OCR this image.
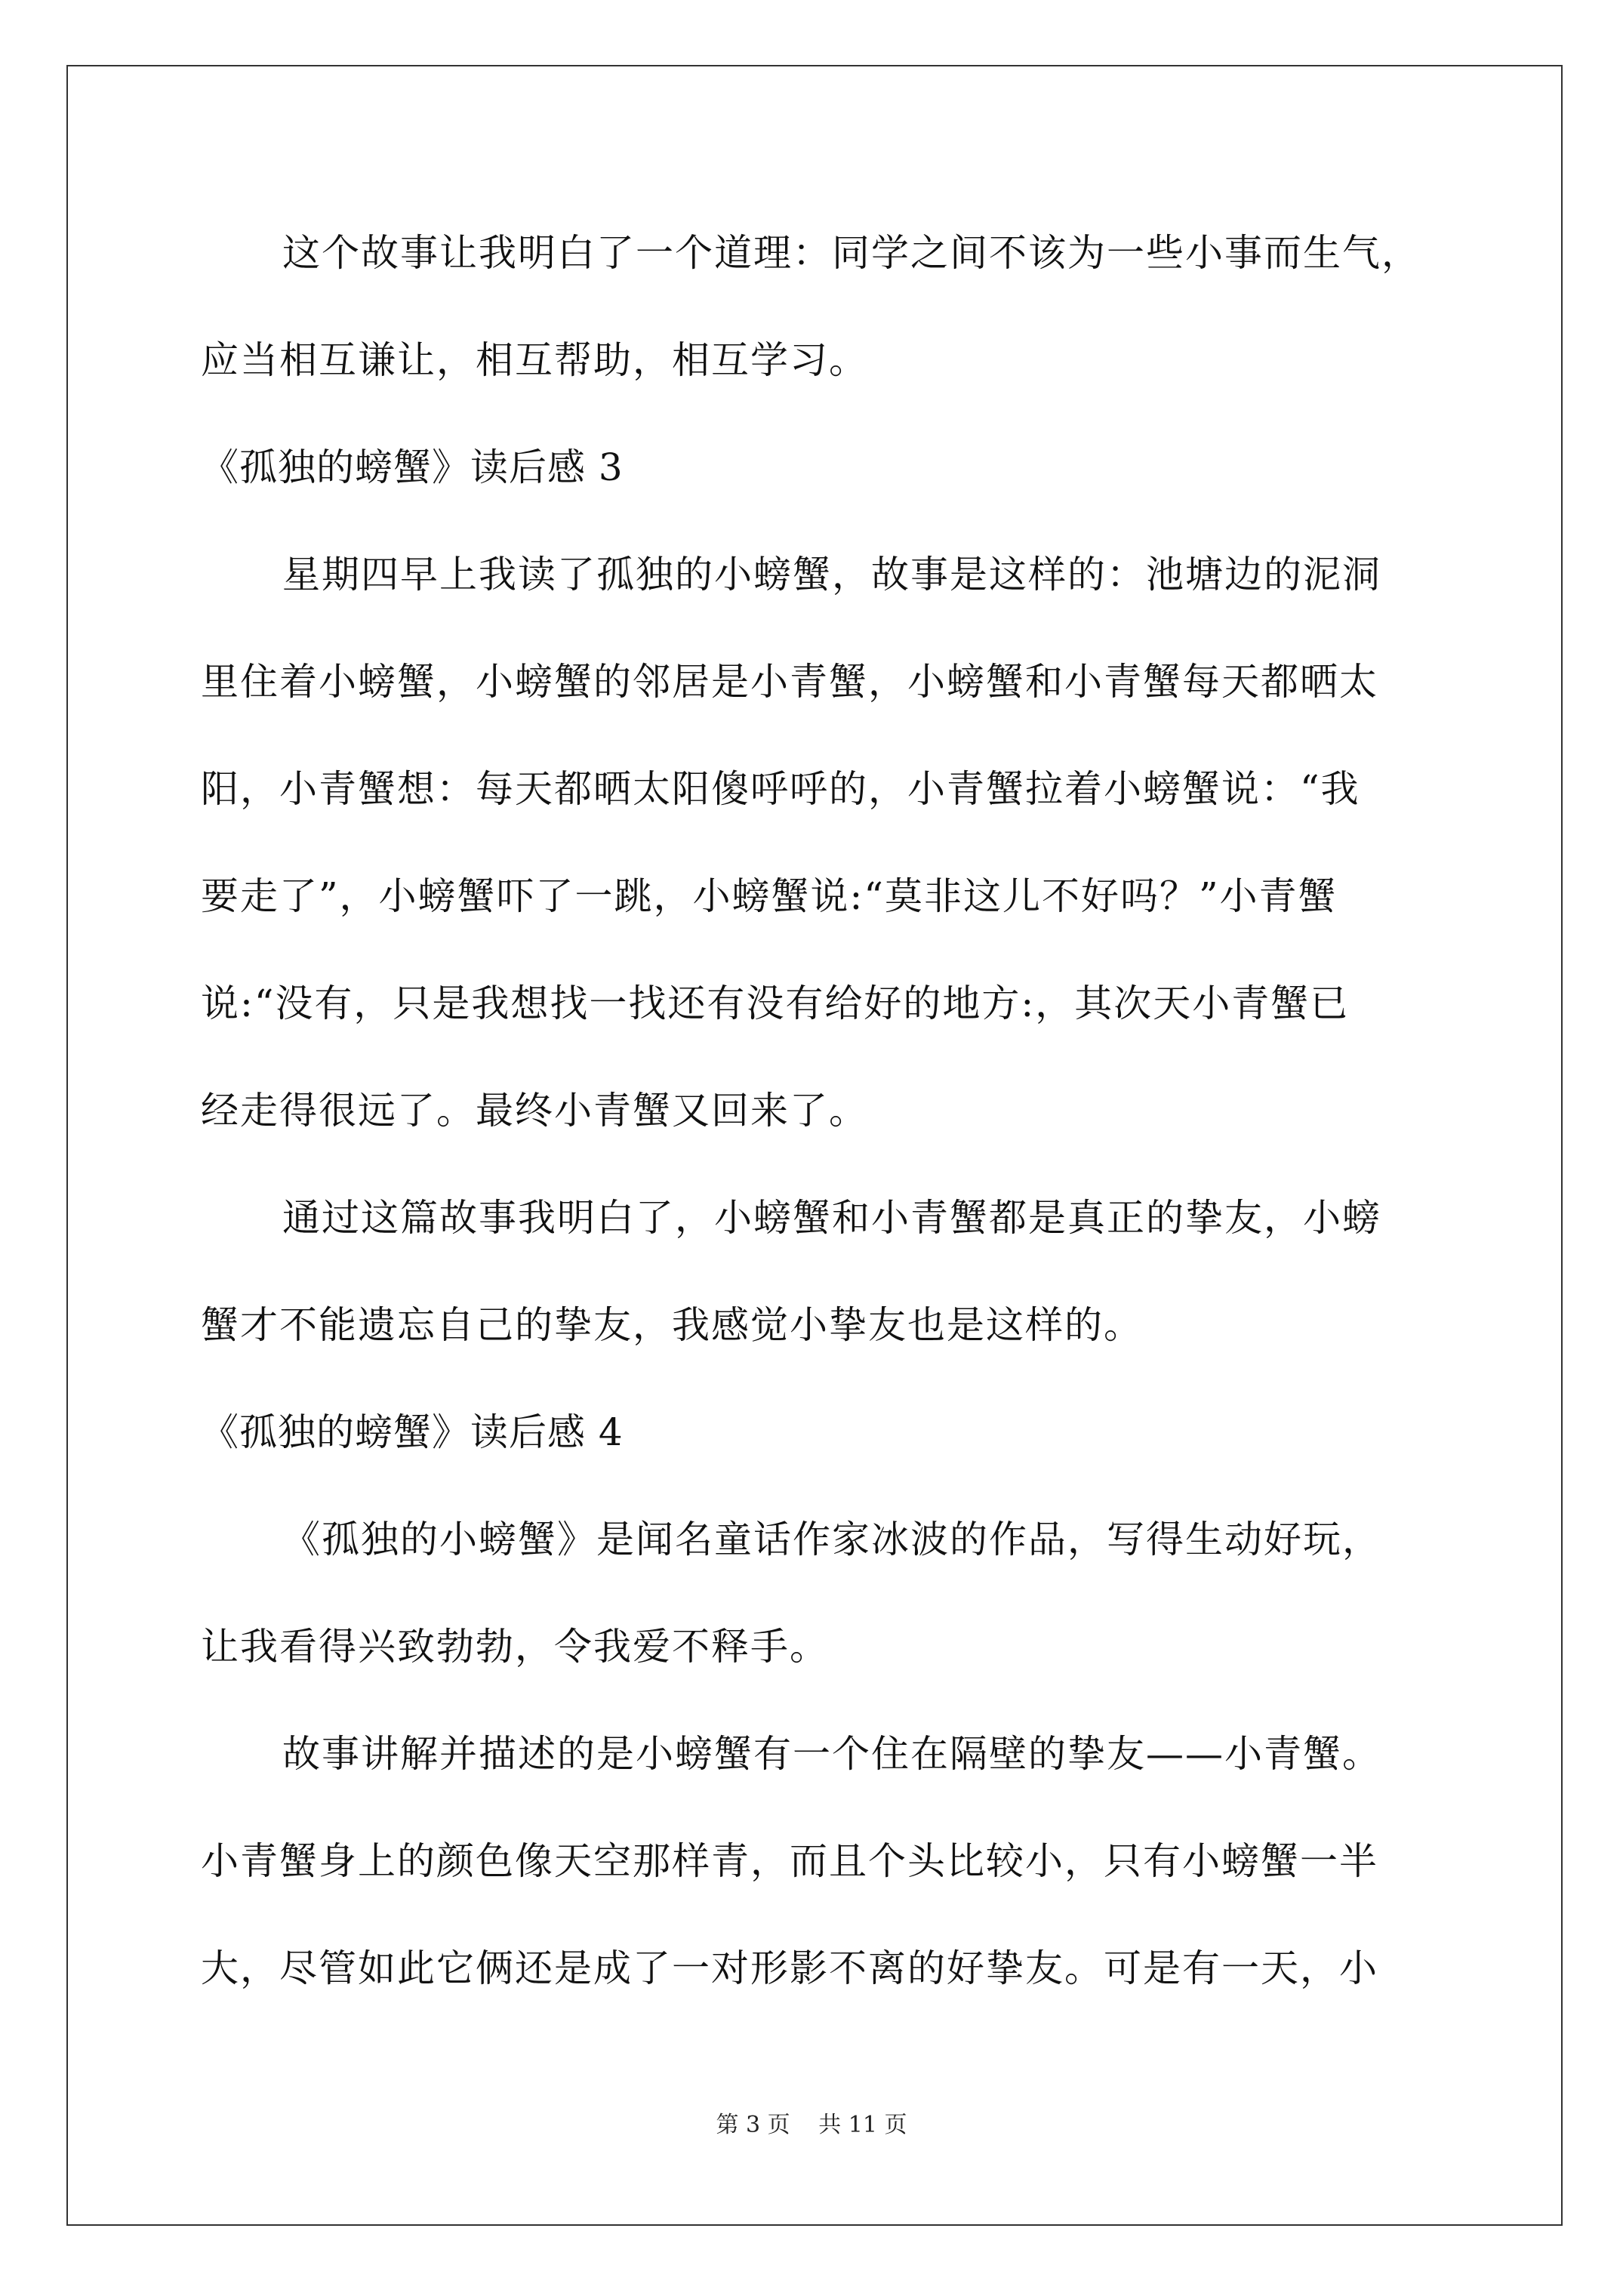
这个故事让我明白了一个道理：同学之间不该为一些小事而生气，
应当相互谦让，相互帮助，相互学习。
《孤独的螃蟹》读后感 3
星期四早上我读了孤独的小螃蟹，故事是这样的：池塘边的泥洞
里住着小螃蟹，小螃蟹的邻居是小青蟹，小螃蟹和小青蟹每天都晒太
阳，小青蟹想：每天都晒太阳傻呼呼的，小青蟹拉着小螃蟹说：“我
要走了”，小螃蟹吓了一跳，小螃蟹说:“莫非这儿不好吗？”小青蟹
说:“没有，只是我想找一找还有没有给好的地方:，其次天小青蟹已
经走得很远了。最终小青蟹又回来了。
通过这篇故事我明白了，小螃蟹和小青蟹都是真正的挚友，小螃
蟹才不能遗忘自己的挚友，我感觉小挚友也是这样的。
《孤独的螃蟹》读后感 4
《孤独的小螃蟹》是闻名童话作家冰波的作品，写得生动好玩，
让我看得兴致勃勃，令我爱不释手。
故事讲解并描述的是小螃蟹有一个住在隔壁的挚友——小青蟹。
小青蟹身上的颜色像天空那样青，而且个头比较小，只有小螃蟹一半
大，尽管如此它俩还是成了一对形影不离的好挚友。可是有一天，小
第 3 页 共 11 页
